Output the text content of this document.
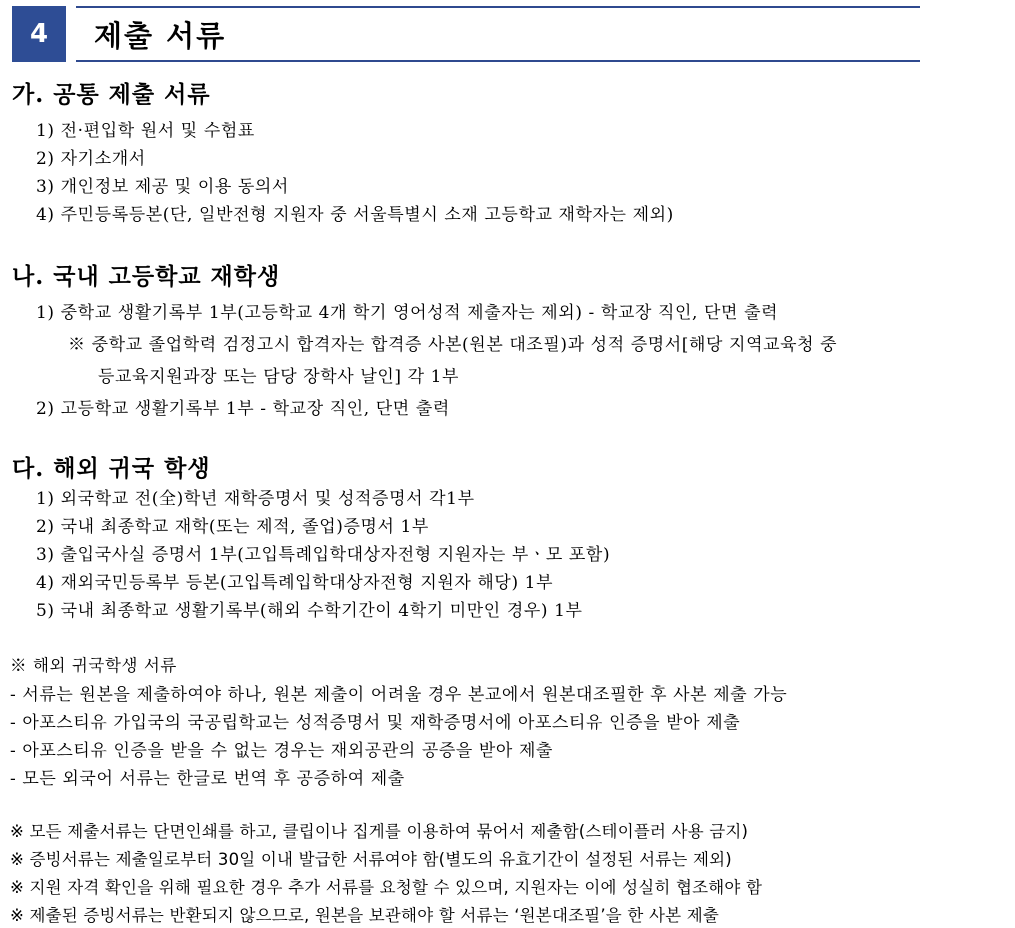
4	제출 서류
가. 공통 제출 서류
1) 전·편입학 원서 및 수험표
2) 자기소개서
3) 개인정보 제공 및 이용 동의서
4) 주민등록등본(단, 일반전형 지원자 중 서울특별시 소재 고등학교 재학자는 제외)
나. 국내 고등학교 재학생
1) 중학교 생활기록부 1부(고등학교 4개 학기 영어성적 제출자는 제외) - 학교장 직인, 단면 출력
※ 중학교 졸업학력 검정고시 합격자는 합격증 사본(원본 대조필)과 성적 증명서[해당 지역교육청 중
등교육지원과장 또는 담당 장학사 날인] 각 1부
2) 고등학교 생활기록부 1부 - 학교장 직인, 단면 출력
다. 해외 귀국 학생
1) 외국학교 전(全)학년 재학증명서 및 성적증명서 각1부
2) 국내 최종학교 재학(또는 제적, 졸업)증명서 1부
3) 출입국사실 증명서 1부(고입특례입학대상자전형 지원자는 부ㆍ모 포함)
4) 재외국민등록부 등본(고입특례입학대상자전형 지원자 해당) 1부
5) 국내 최종학교 생활기록부(해외 수학기간이 4학기 미만인 경우) 1부
※ 해외 귀국학생 서류
- 서류는 원본을 제출하여야 하나, 원본 제출이 어려울 경우 본교에서 원본대조필한 후 사본 제출 가능
- 아포스티유 가입국의 국공립학교는 성적증명서 및 재학증명서에 아포스티유 인증을 받아 제출
- 아포스티유 인증을 받을 수 없는 경우는 재외공관의 공증을 받아 제출
- 모든 외국어 서류는 한글로 번역 후 공증하여 제출
※ 모든 제출서류는 단면인쇄를 하고, 클립이나 집게를 이용하여 묶어서 제출함(스테이플러 사용 금지)
※ 증빙서류는 제출일로부터 30일 이내 발급한 서류여야 함(별도의 유효기간이 설정된 서류는 제외)
※ 지원 자격 확인을 위해 필요한 경우 추가 서류를 요청할 수 있으며, 지원자는 이에 성실히 협조해야 함
※ 제출된 증빙서류는 반환되지 않으므로, 원본을 보관해야 할 서류는 ‘원본대조필’을 한 사본 제출
